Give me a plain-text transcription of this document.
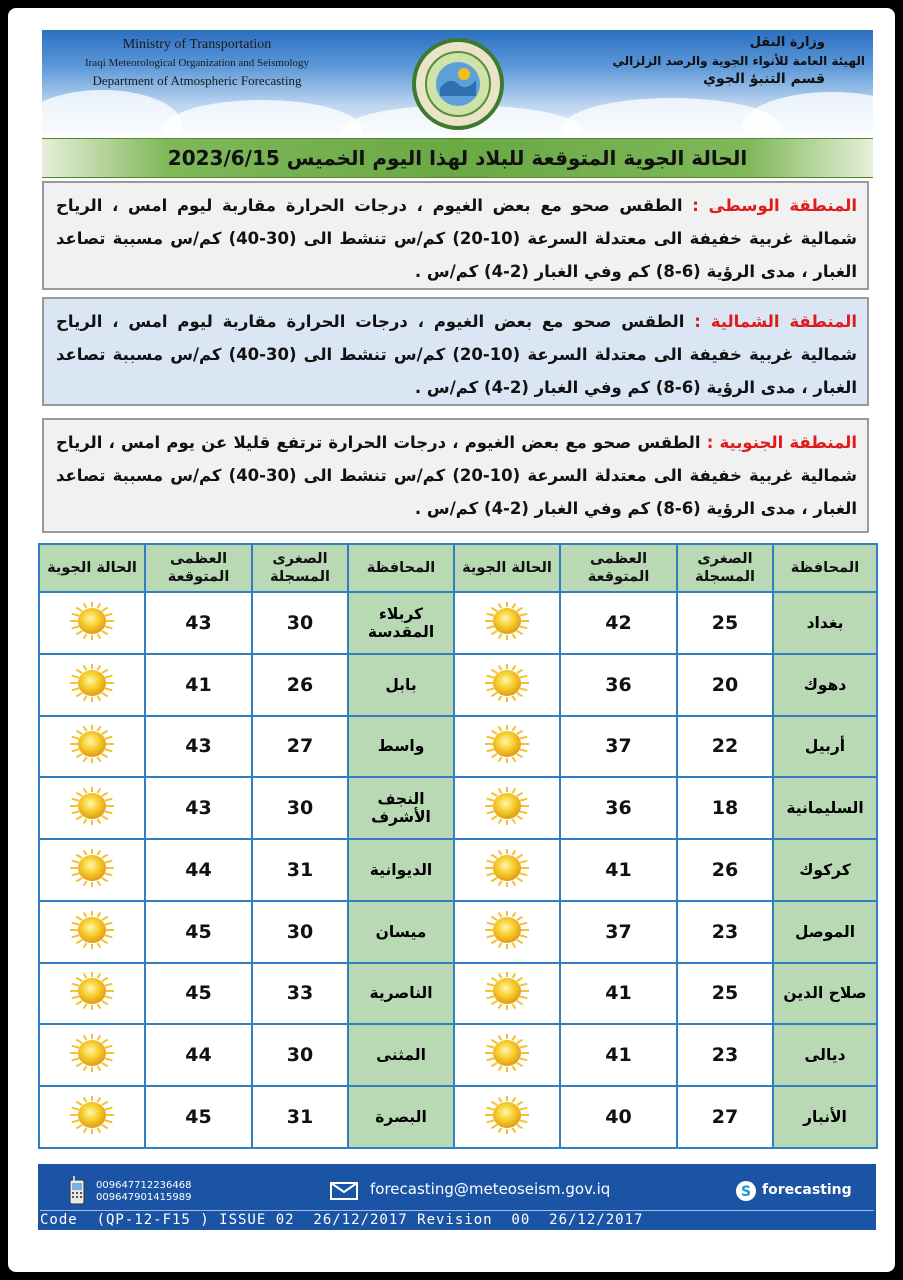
Ministry of Transportation
Iraqi Meteorological Organization and Seismology
Department of Atmospheric Forecasting
وزارة النقل
الهيئة العامة للأنواء الجوية والرصد الزلزالي
قسم التنبؤ الجوي
الحالة الجوية المتوقعة للبلاد لهذا اليوم الخميس 2023/6/15
المنطقة الوسطى : الطقس صحو مع بعض الغيوم ، درجات الحرارة مقاربة ليوم امس ، الرياح شمالية غربية خفيفة الى معتدلة السرعة (10-20) كم/س تنشط الى (30-40) كم/س مسببة تصاعد الغبار ، مدى الرؤية (6-8) كم وفي الغبار (2-4) كم/س .
المنطقة الشمالية : الطقس صحو مع بعض الغيوم ، درجات الحرارة مقاربة ليوم امس ، الرياح شمالية غربية خفيفة الى معتدلة السرعة (10-20) كم/س تنشط الى (30-40) كم/س مسببة تصاعد الغبار ، مدى الرؤية (6-8) كم وفي الغبار (2-4) كم/س .
المنطقة الجنوبية : الطقس صحو مع بعض الغيوم ، درجات الحرارة ترتفع قليلا عن يوم امس ، الرياح شمالية غربية خفيفة الى معتدلة السرعة (10-20) كم/س تنشط الى (30-40) كم/س مسببة تصاعد الغبار ، مدى الرؤية (6-8) كم وفي الغبار (2-4) كم/س .
الحالة الجوية	العظمى المتوقعة	الصغرى المسجلة	المحافظة	الحالة الجوية	العظمى المتوقعة	الصغرى المسجلة	المحافظة
	43	30	كربلاء المقدسة		42	25	بغداد
	41	26	بابل		36	20	دهوك
	43	27	واسط		37	22	أربيل
	43	30	النجف الأشرف		36	18	السليمانية
	44	31	الديوانية		41	26	كركوك
	45	30	ميسان		37	23	الموصل
	45	33	الناصرية		41	25	صلاح الدين
	44	30	المثنى		41	23	ديالى
	45	31	البصرة		40	27	الأنبار
009647712236468
009647901415989	forecasting@meteoseism.gov.iq	S forecasting
Code  (QP-12-F15 ) ISSUE 02  26/12/2017 Revision  00  26/12/2017
